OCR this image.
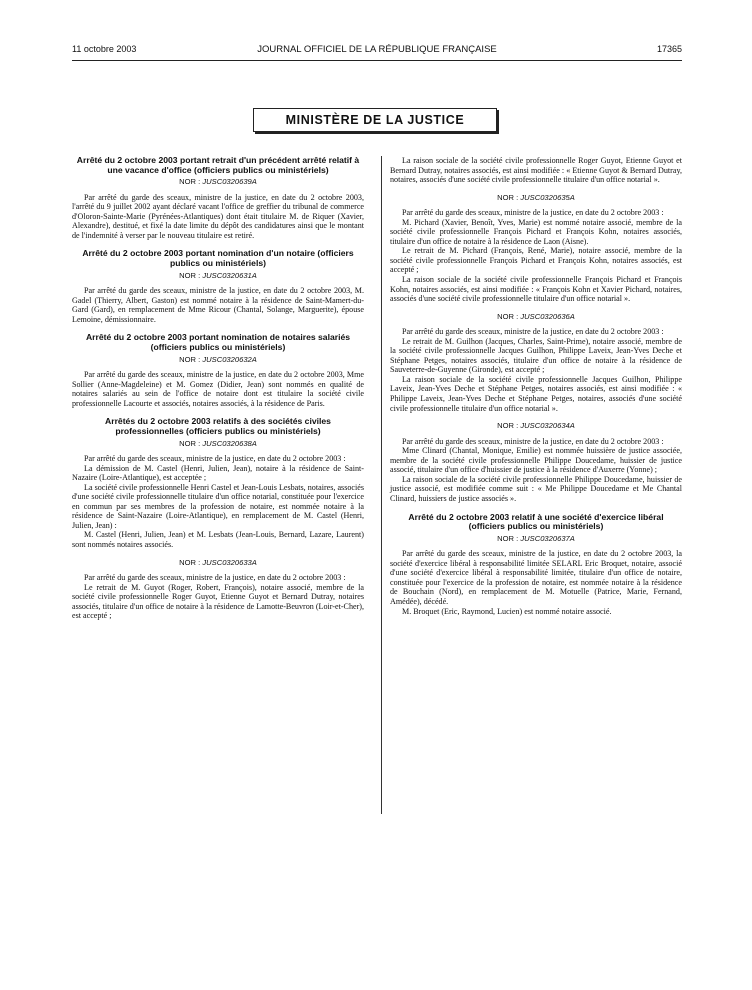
11 octobre 2003	JOURNAL OFFICIEL DE LA RÉPUBLIQUE FRANÇAISE	17365
MINISTÈRE DE LA JUSTICE

Arrêté du 2 octobre 2003 portant retrait d'un précédent arrêté relatif à une vacance d'office (officiers publics ou ministériels)

NOR : JUSC0320639A

Par arrêté du garde des sceaux, ministre de la justice, en date du 2 octobre 2003, l'arrêté du 9 juillet 2002 ayant déclaré vacant l'office de greffier du tribunal de commerce d'Oloron-Sainte-Marie (Pyrénées-Atlantiques) dont était titulaire M. de Riquer (Xavier, Alexandre), destitué, et fixé la date limite du dépôt des candidatures ainsi que le montant de l'indemnité à verser par le nouveau titulaire est retiré.

Arrêté du 2 octobre 2003 portant nomination d'un notaire (officiers publics ou ministériels)

NOR : JUSC0320631A

Par arrêté du garde des sceaux, ministre de la justice, en date du 2 octobre 2003, M. Gadel (Thierry, Albert, Gaston) est nommé notaire à la résidence de Saint-Mamert-du-Gard (Gard), en remplacement de Mme Ricour (Chantal, Solange, Marguerite), épouse Lemoine, démissionnaire.

Arrêté du 2 octobre 2003 portant nomination de notaires salariés (officiers publics ou ministériels)

NOR : JUSC0320632A

Par arrêté du garde des sceaux, ministre de la justice, en date du 2 octobre 2003, Mme Sollier (Anne-Magdeleine) et M. Gomez (Didier, Jean) sont nommés en qualité de notaires salariés au sein de l'office de notaire dont est titulaire la société civile professionnelle Lacourte et associés, notaires associés, à la résidence de Paris.

Arrêtés du 2 octobre 2003 relatifs à des sociétés civiles professionnelles (officiers publics ou ministériels)

NOR : JUSC0320638A

Par arrêté du garde des sceaux, ministre de la justice, en date du 2 octobre 2003 :

La démission de M. Castel (Henri, Julien, Jean), notaire à la résidence de Saint-Nazaire (Loire-Atlantique), est acceptée ;

La société civile professionnelle Henri Castel et Jean-Louis Lesbats, notaires, associés d'une société civile professionnelle titulaire d'un office notarial, constituée pour l'exercice en commun par ses membres de la profession de notaire, est nommée notaire à la résidence de Saint-Nazaire (Loire-Atlantique), en remplacement de M. Castel (Henri, Julien, Jean) :

M. Castel (Henri, Julien, Jean) et M. Lesbats (Jean-Louis, Bernard, Lazare, Laurent) sont nommés notaires associés.

NOR : JUSC0320633A

Par arrêté du garde des sceaux, ministre de la justice, en date du 2 octobre 2003 :

Le retrait de M. Guyot (Roger, Robert, François), notaire associé, membre de la société civile professionnelle Roger Guyot, Etienne Guyot et Bernard Dutray, notaires associés, titulaire d'un office de notaire à la résidence de Lamotte-Beuvron (Loir-et-Cher), est accepté ;

La raison sociale de la société civile professionnelle Roger Guyot, Etienne Guyot et Bernard Dutray, notaires associés, est ainsi modifiée : « Etienne Guyot & Bernard Dutray, notaires, associés d'une société civile professionnelle titulaire d'un office notarial ».

NOR : JUSC0320635A

Par arrêté du garde des sceaux, ministre de la justice, en date du 2 octobre 2003 :

M. Pichard (Xavier, Benoît, Yves, Marie) est nommé notaire associé, membre de la société civile professionnelle François Pichard et François Kohn, notaires associés, titulaire d'un office de notaire à la résidence de Laon (Aisne).

Le retrait de M. Pichard (François, René, Marie), notaire associé, membre de la société civile professionnelle François Pichard et François Kohn, notaires associés, est accepté ;

La raison sociale de la société civile professionnelle François Pichard et François Kohn, notaires associés, est ainsi modifiée : « François Kohn et Xavier Pichard, notaires, associés d'une société civile professionnelle titulaire d'un office notarial ».

NOR : JUSC0320636A

Par arrêté du garde des sceaux, ministre de la justice, en date du 2 octobre 2003 :

Le retrait de M. Guilhon (Jacques, Charles, Saint-Prime), notaire associé, membre de la société civile professionnelle Jacques Guilhon, Philippe Laveix, Jean-Yves Deche et Stéphane Petges, notaires associés, titulaire d'un office de notaire à la résidence de Sauveterre-de-Guyenne (Gironde), est accepté ;

La raison sociale de la société civile professionnelle Jacques Guilhon, Philippe Laveix, Jean-Yves Deche et Stéphane Petges, notaires associés, est ainsi modifiée : « Philippe Laveix, Jean-Yves Deche et Stéphane Petges, notaires, associés d'une société civile professionnelle titulaire d'un office notarial ».

NOR : JUSC0320634A

Par arrêté du garde des sceaux, ministre de la justice, en date du 2 octobre 2003 :

Mme Clinard (Chantal, Monique, Emilie) est nommée huissière de justice associée, membre de la société civile professionnelle Philippe Doucedame, huissier de justice associé, titulaire d'un office d'huissier de justice à la résidence d'Auxerre (Yonne) ;

La raison sociale de la société civile professionnelle Philippe Doucedame, huissier de justice associé, est modifiée comme suit : « Me Philippe Doucedame et Me Chantal Clinard, huissiers de justice associés ».

Arrêté du 2 octobre 2003 relatif à une société d'exercice libéral (officiers publics ou ministériels)

NOR : JUSC0320637A

Par arrêté du garde des sceaux, ministre de la justice, en date du 2 octobre 2003, la société d'exercice libéral à responsabilité limitée SELARL Eric Broquet, notaire, associé d'une société d'exercice libéral à responsabilité limitée, titulaire d'un office de notaire, constituée pour l'exercice de la profession de notaire, est nommée notaire à la résidence de Bouchain (Nord), en remplacement de M. Motuelle (Patrice, Marie, Fernand, Amédée), décédé.

M. Broquet (Eric, Raymond, Lucien) est nommé notaire associé.
